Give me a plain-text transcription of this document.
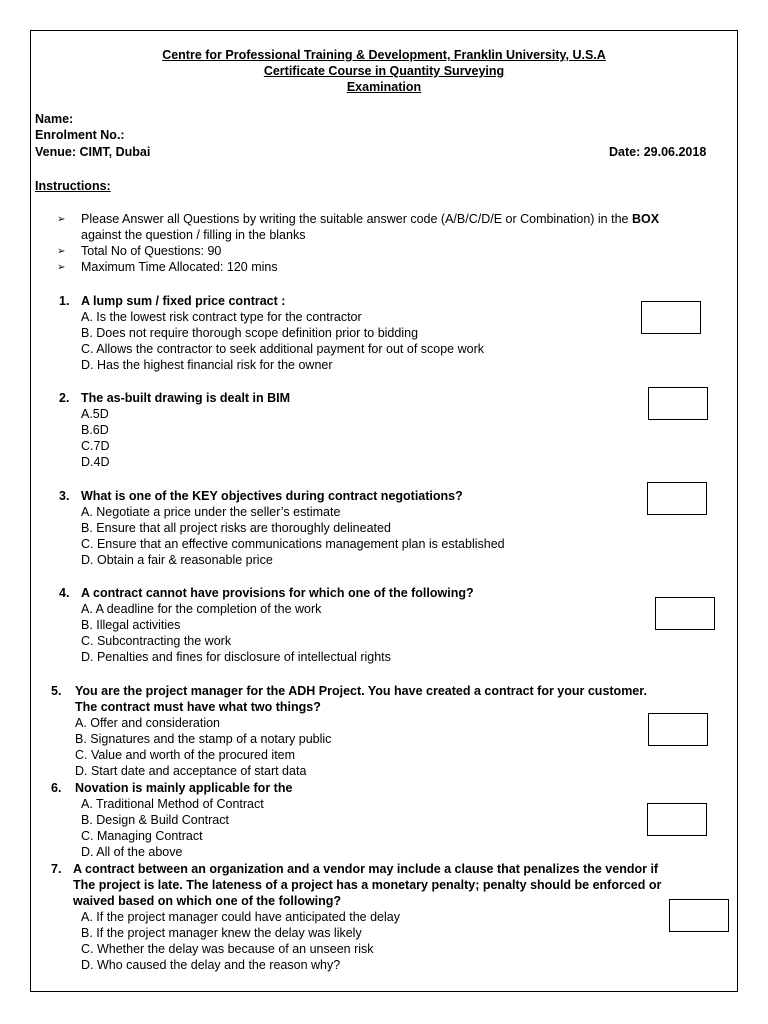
Centre for Professional Training & Development, Franklin University, U.S.A
Certificate Course in Quantity Surveying
Examination
Name:
Enrolment No.:
Venue: CIMT, Dubai	Date: 29.06.2018
Instructions:
➢ Please Answer all Questions by writing the suitable answer code (A/B/C/D/E or Combination) in the BOX
against the question / filling in the blanks
➢ Total No of Questions: 90
➢ Maximum Time Allocated: 120 mins
1. A lump sum / fixed price contract :
A. Is the lowest risk contract type for the contractor
B. Does not require thorough scope definition prior to bidding
C. Allows the contractor to seek additional payment for out of scope work
D. Has the highest financial risk for the owner
2. The as-built drawing is dealt in BIM
A.5D
B.6D
C.7D
D.4D
3. What is one of the KEY objectives during contract negotiations?
A. Negotiate a price under the seller’s estimate
B. Ensure that all project risks are thoroughly delineated
C. Ensure that an effective communications management plan is established
D. Obtain a fair & reasonable price
4. A contract cannot have provisions for which one of the following?
A. A deadline for the completion of the work
B. Illegal activities
C. Subcontracting the work
D. Penalties and fines for disclosure of intellectual rights
5. You are the project manager for the ADH Project. You have created a contract for your customer.
The contract must have what two things?
A. Offer and consideration
B. Signatures and the stamp of a notary public
C. Value and worth of the procured item
D. Start date and acceptance of start data
6. Novation is mainly applicable for the
A. Traditional Method of Contract
B. Design & Build Contract
C. Managing Contract
D. All of the above
7. A contract between an organization and a vendor may include a clause that penalizes the vendor if
The project is late. The lateness of a project has a monetary penalty; penalty should be enforced or
waived based on which one of the following?
A. If the project manager could have anticipated the delay
B. If the project manager knew the delay was likely
C. Whether the delay was because of an unseen risk
D. Who caused the delay and the reason why?
